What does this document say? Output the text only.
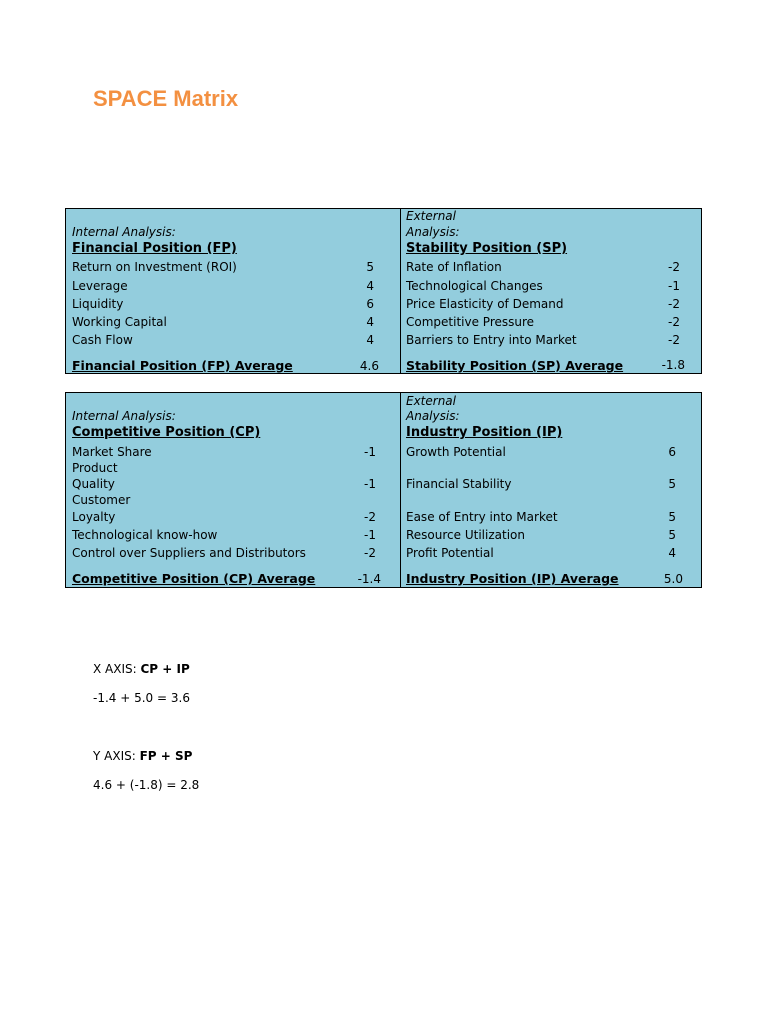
SPACE Matrix
Internal Analysis:
Financial Position (FP)
Return on Investment (ROI)	5
Leverage	4
Liquidity	6
Working Capital	4
Cash Flow	4
Financial Position (FP) Average	4.6
External
Analysis:
Stability Position (SP)
Rate of Inflation	-2
Technological Changes	-1
Price Elasticity of Demand	-2
Competitive Pressure	-2
Barriers to Entry into Market	-2
Stability Position (SP) Average	-1.8
Internal Analysis:
Competitive Position (CP)
Market Share	-1
Product
Quality	-1
Customer
Loyalty	-2
Technological know-how	-1
Control over Suppliers and Distributors	-2
Competitive Position (CP) Average	-1.4
External
Analysis:
Industry Position (IP)
Growth Potential	6
Financial Stability	5
Ease of Entry into Market	5
Resource Utilization	5
Profit Potential	4
Industry Position (IP) Average	5.0
X AXIS: CP + IP
-1.4 + 5.0 = 3.6
Y AXIS: FP + SP
4.6 + (-1.8) = 2.8
